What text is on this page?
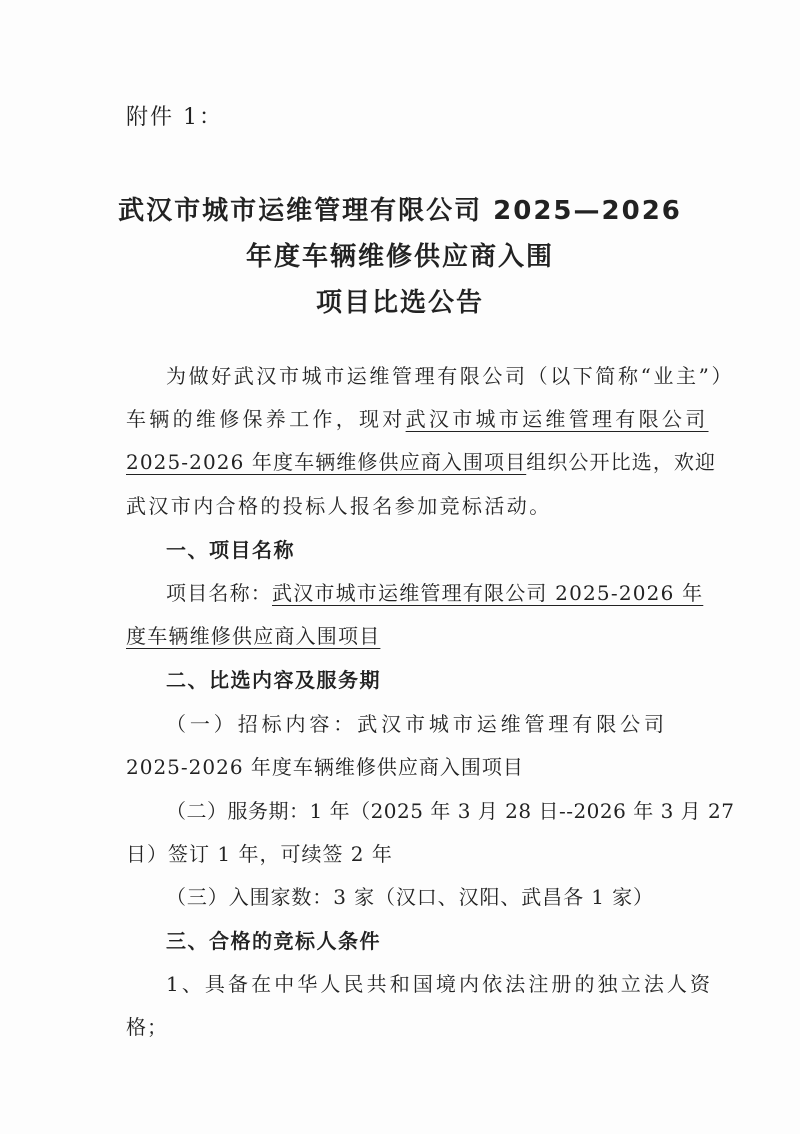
附件 1：
武汉市城市运维管理有限公司 2025—2026
年度车辆维修供应商入围
项目比选公告
为做好武汉市城市运维管理有限公司（以下简称“业主”）
车辆的维修保养工作，现对武汉市城市运维管理有限公司
2025-2026 年度车辆维修供应商入围项目组织公开比选，欢迎
武汉市内合格的投标人报名参加竞标活动。
一、项目名称
项目名称：武汉市城市运维管理有限公司 2025-2026 年
度车辆维修供应商入围项目
二、比选内容及服务期
（一）招标内容：武汉市城市运维管理有限公司
2025-2026 年度车辆维修供应商入围项目
（二）服务期：1 年（2025 年 3 月 28 日--2026 年 3 月 27
日）签订 1 年，可续签 2 年
（三）入围家数：3 家（汉口、汉阳、武昌各 1 家）
三、合格的竞标人条件
1、具备在中华人民共和国境内依法注册的独立法人资
格；
